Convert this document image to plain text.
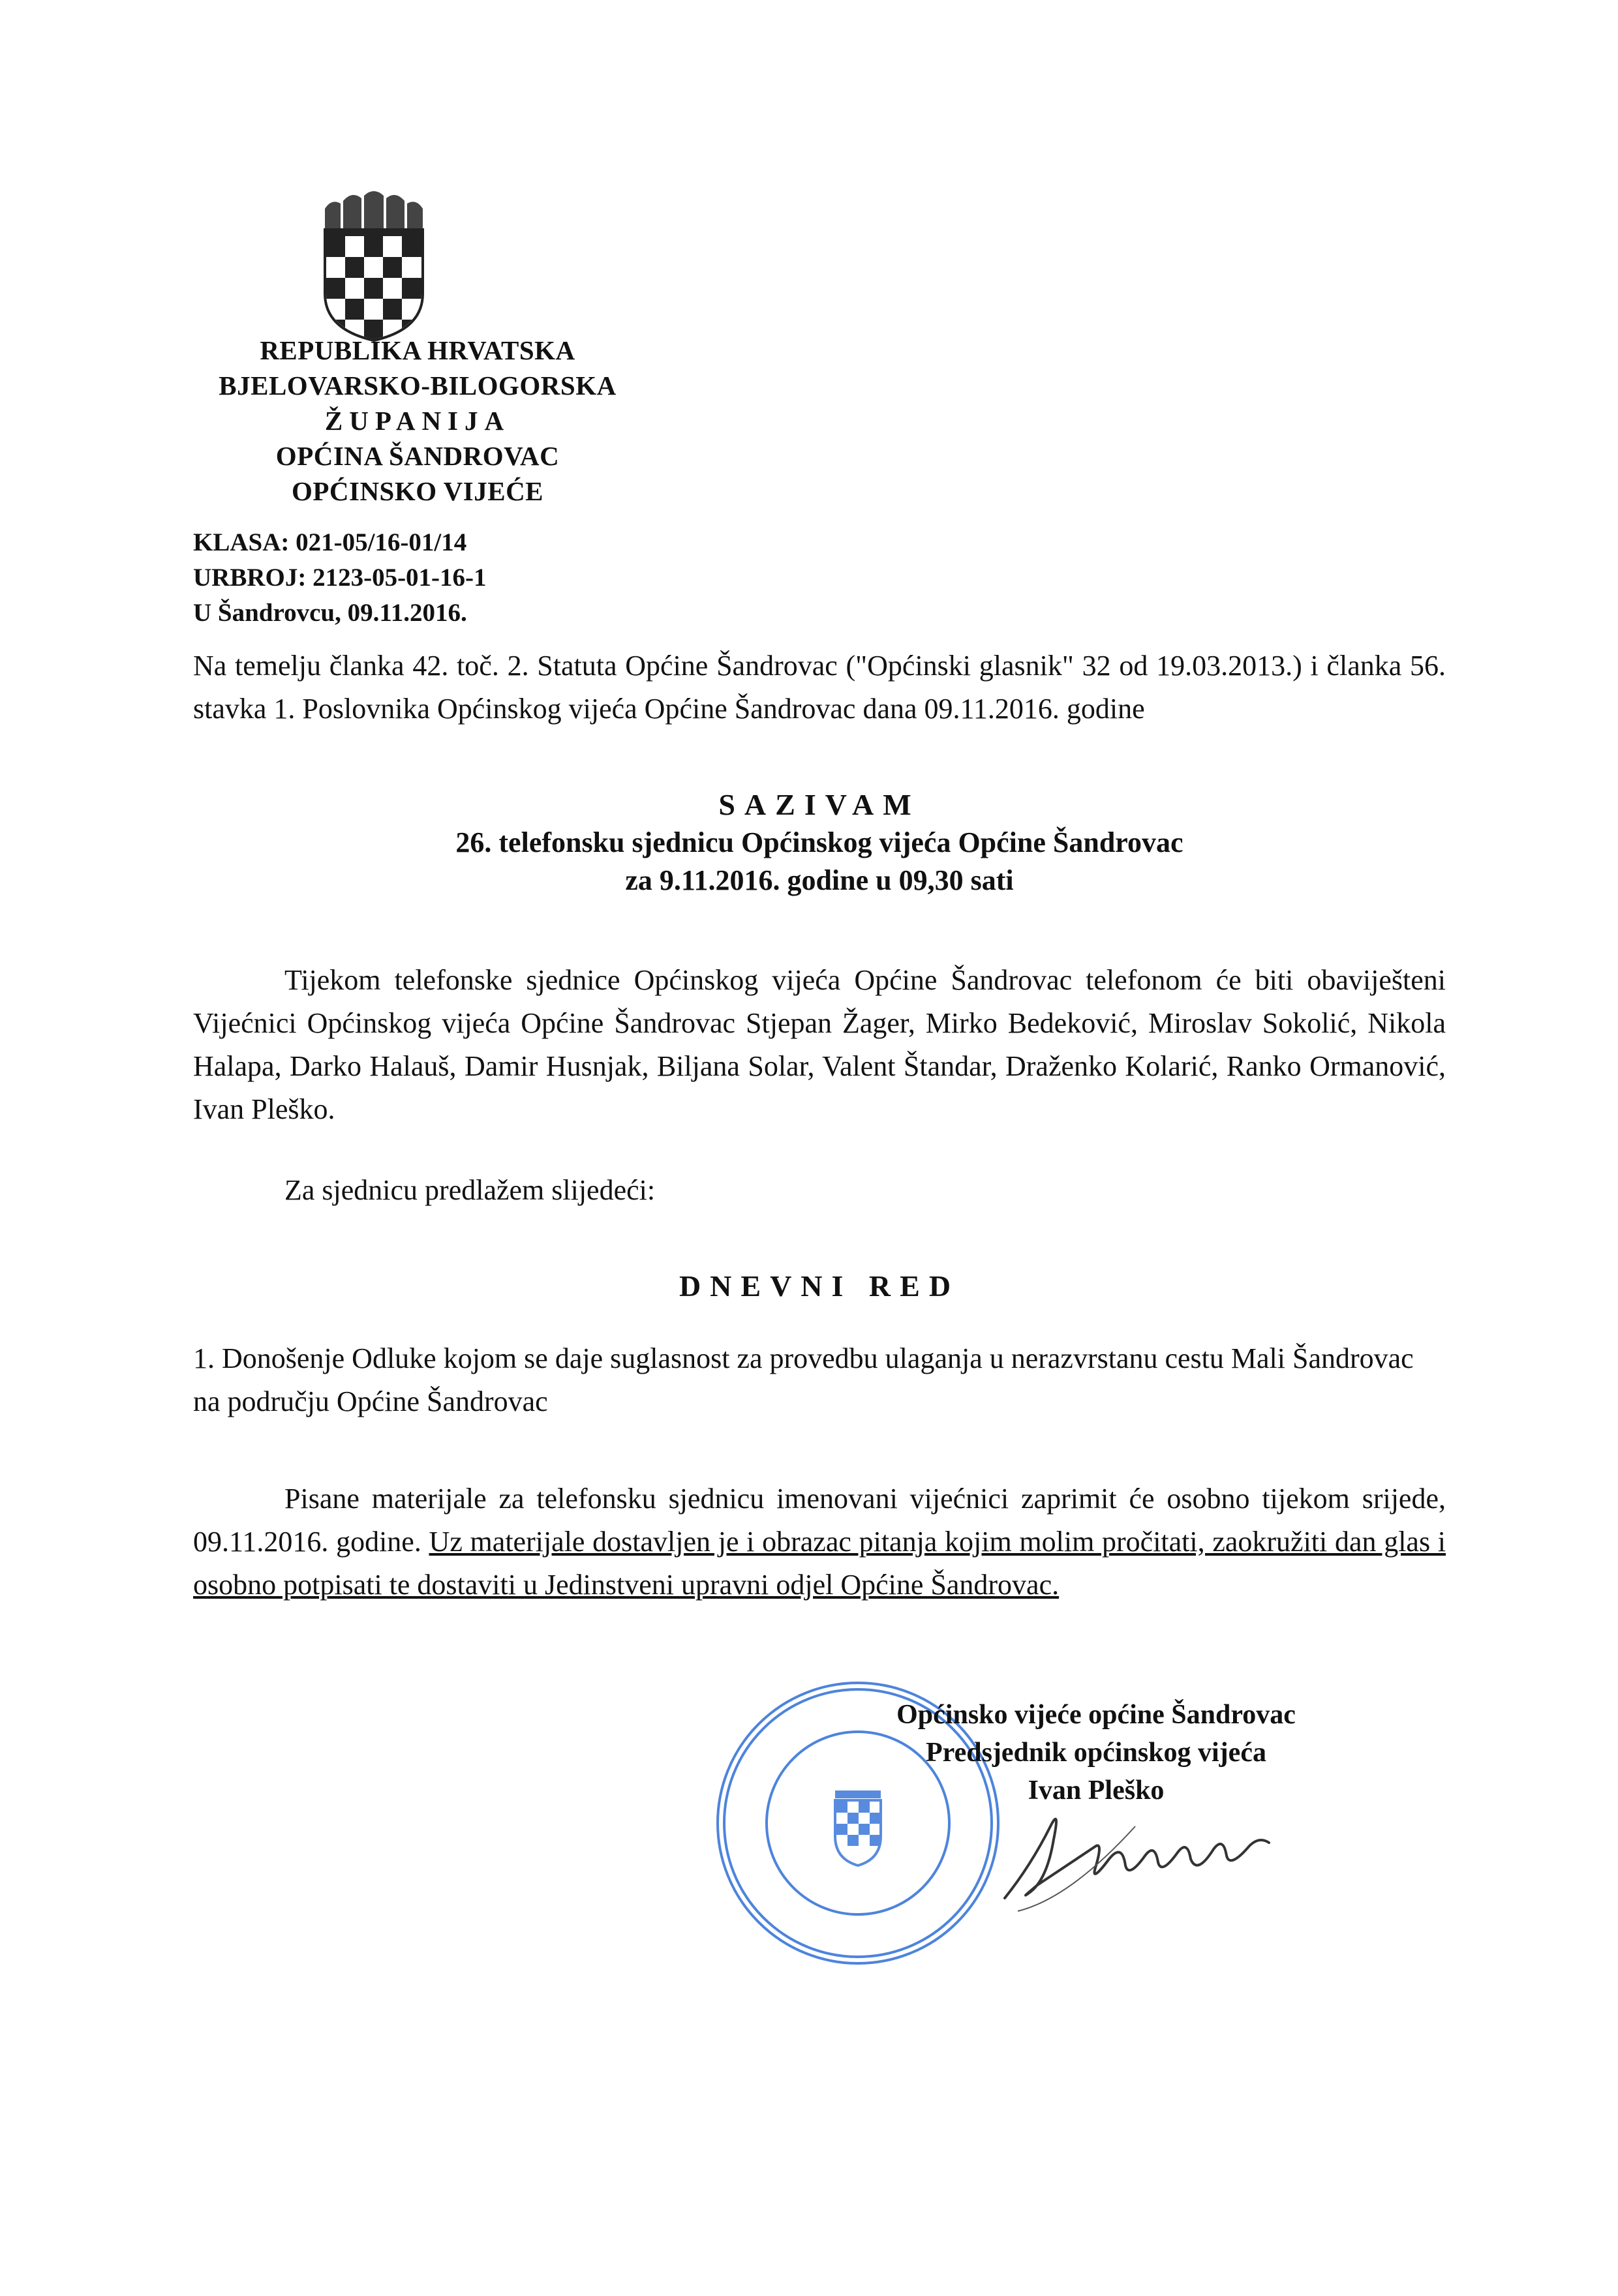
REPUBLIKA HRVATSKA
BJELOVARSKO-BILOGORSKA
ŽUPANIJA
OPĆINA ŠANDROVAC
OPĆINSKO VIJEĆE
KLASA: 021-05/16-01/14
URBROJ: 2123-05-01-16-1
U Šandrovcu, 09.11.2016.
Na temelju članka 42. toč. 2. Statuta Općine Šandrovac ("Općinski glasnik" 32 od 19.03.2013.) i članka 56. stavka 1. Poslovnika Općinskog vijeća Općine Šandrovac dana 09.11.2016. godine
SAZIVAM
26. telefonsku sjednicu Općinskog vijeća Općine Šandrovac
za 9.11.2016. godine u 09,30 sati
Tijekom telefonske sjednice Općinskog vijeća Općine Šandrovac telefonom će biti obaviješteni Vijećnici Općinskog vijeća Općine Šandrovac Stjepan Žager, Mirko Bedeković, Miroslav Sokolić, Nikola Halapa, Darko Halauš, Damir Husnjak, Biljana Solar, Valent Štandar, Draženko Kolarić, Ranko Ormanović, Ivan Pleško.
Za sjednicu predlažem slijedeći:
DNEVNI RED
1. Donošenje Odluke kojom se daje suglasnost za provedbu ulaganja u nerazvrstanu cestu Mali Šandrovac na području Općine Šandrovac
Pisane materijale za telefonsku sjednicu imenovani vijećnici zaprimit će osobno tijekom srijede, 09.11.2016. godine. Uz materijale dostavljen je i obrazac pitanja kojim molim pročitati, zaokružiti dan glas i osobno potpisati te dostaviti u Jedinstveni upravni odjel Općine Šandrovac.
Općinsko vijeće općine Šandrovac
Predsjednik općinskog vijeća
Ivan Pleško
